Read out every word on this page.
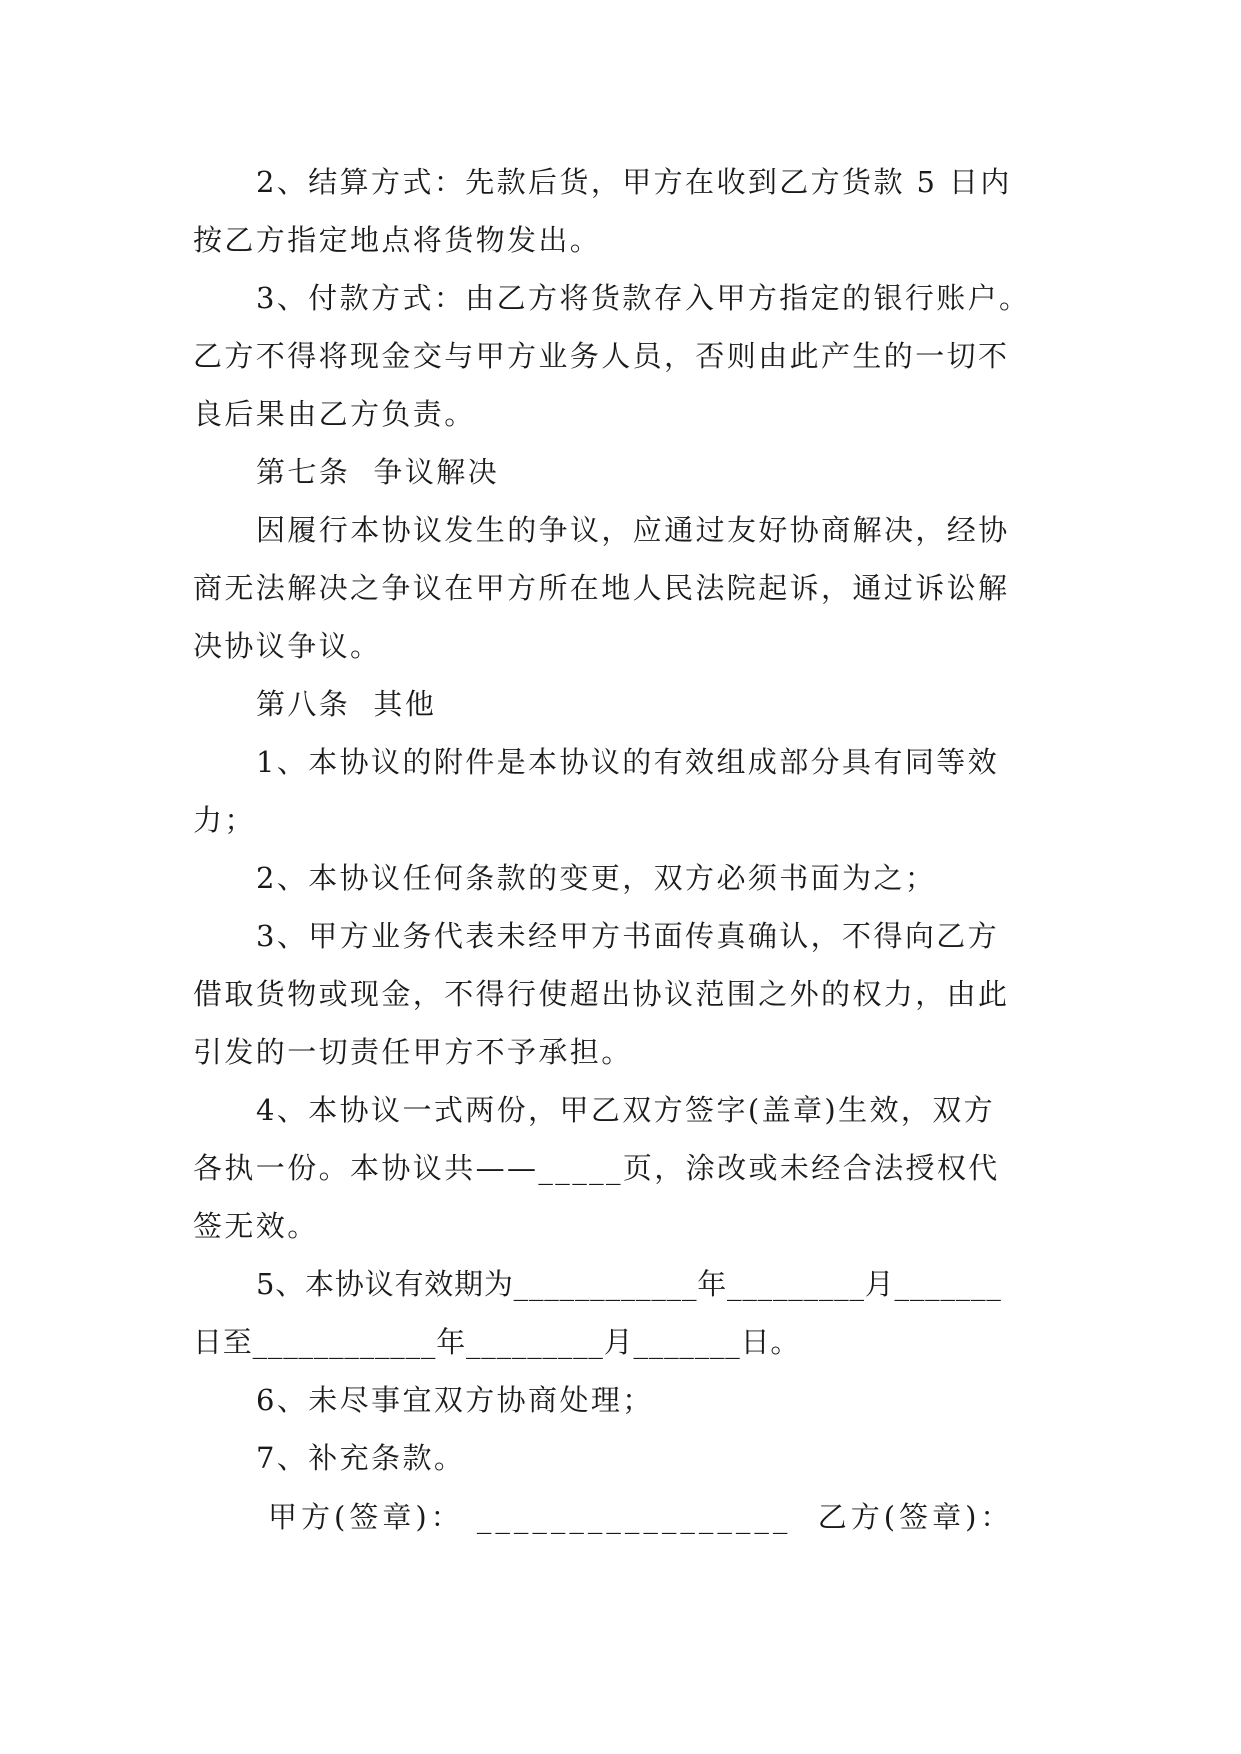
2、结算方式：先款后货，甲方在收到乙方货款 5 日内
按乙方指定地点将货物发出。
3、付款方式：由乙方将货款存入甲方指定的银行账户。
乙方不得将现金交与甲方业务人员，否则由此产生的一切不
良后果由乙方负责。
第七条  争议解决
因履行本协议发生的争议，应通过友好协商解决，经协
商无法解决之争议在甲方所在地人民法院起诉，通过诉讼解
决协议争议。
第八条  其他
1、本协议的附件是本协议的有效组成部分具有同等效
力；
2、本协议任何条款的变更，双方必须书面为之；
3、甲方业务代表未经甲方书面传真确认，不得向乙方
借取货物或现金，不得行使超出协议范围之外的权力，由此
引发的一切责任甲方不予承担。
4、本协议一式两份，甲乙双方签字(盖章)生效，双方
各执一份。本协议共——_____页，涂改或未经合法授权代
签无效。
5、本协议有效期为____________年_________月_______
日至____________年_________月_______日。
6、未尽事宜双方协商处理；
7、补充条款。
甲方(签章)： _________________  乙方(签章)：
